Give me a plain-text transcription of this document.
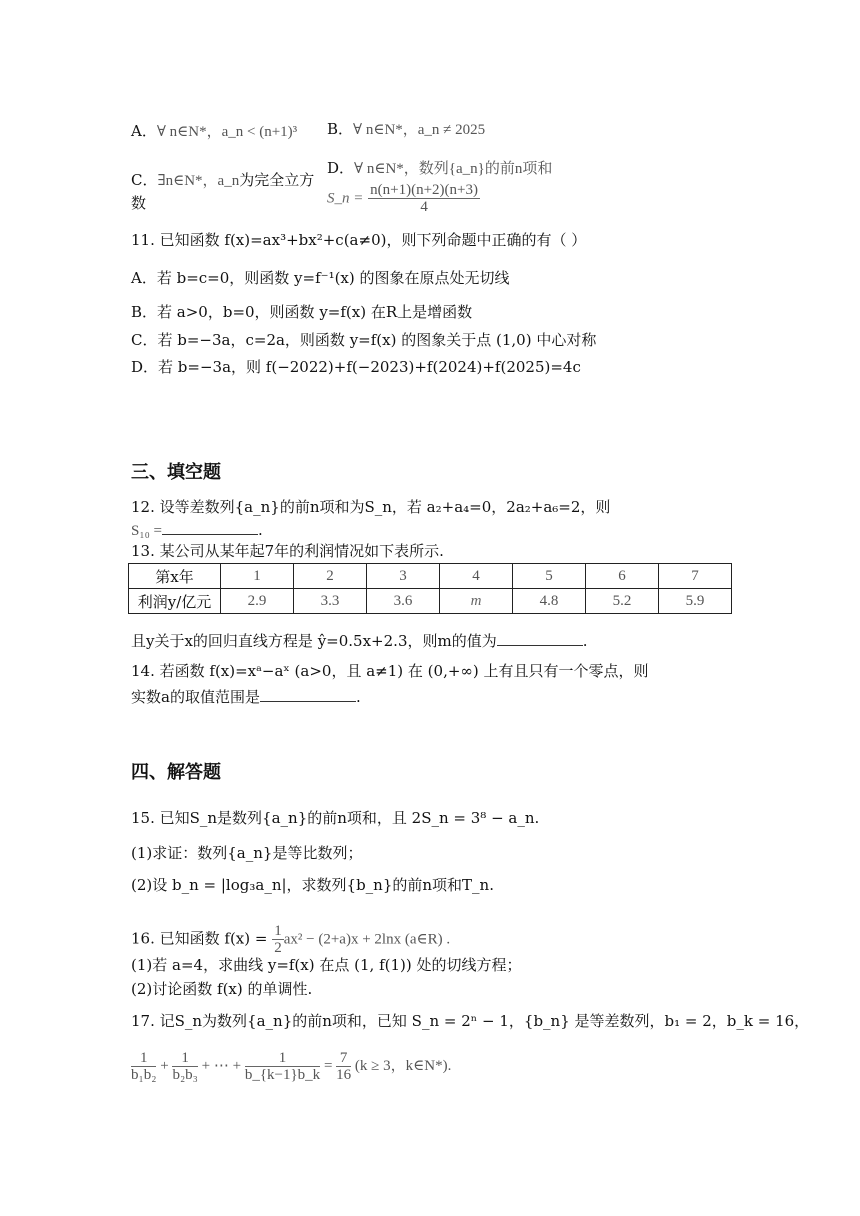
A．∀ n∈N*，a_n < (n+1)³ B．∀ n∈N*，a_n ≠ 2025
C．∃n∈N*，a_n为完全立方
数
D．∀ n∈N*，数列{a_n}的前n项和
S_n = $\frac{n(n+1)(n+2)(n+3)}{4}$
11. 已知函数 f(x)=ax³+bx²+c(a≠0)，则下列命题中正确的有（ ）
A．若 b=c=0，则函数 y=f⁻¹(x) 的图象在原点处无切线
B．若 a>0，b=0，则函数 y=f(x) 在R上是增函数
C．若 b=−3a，c=2a，则函数 y=f(x) 的图象关于点 (1,0) 中心对称
D．若 b=−3a，则 f(−2022)+f(−2023)+f(2024)+f(2025)=4c
三、填空题
12. 设等差数列{a_n}的前n项和为S_n，若 a₂+a₄=0，2a₂+a₆=2，则
S₁₀ =	.
13. 某公司从某年起7年的利润情况如下表所示.
第x年	1	2	3	4	5	6	7
利润y/亿元	2.9	3.3	3.6	m	4.8	5.2	5.9
且y关于x的回归直线方程是 ŷ=0.5x+2.3，则m的值为	.
14. 若函数 f(x)=xᵃ−aˣ (a>0，且 a≠1) 在 (0,+∞) 上有且只有一个零点，则
实数a的取值范围是	.
四、解答题
15. 已知S_n是数列{a_n}的前n项和，且 2S_n = 3⁸ − a_n.
(1)求证：数列{a_n}是等比数列；
(2)设 b_n = |log₃a_n|，求数列{b_n}的前n项和T_n.
16. 已知函数 $f(x) = \frac{1}{2} ax^2 - (2+a)x + 2\ln x$ (a∈R) .
(1)若 a=4，求曲线 y=f(x) 在点 (1, f(1)) 处的切线方程；
(2)讨论函数 f(x) 的单调性.
17. 记S_n为数列{a_n}的前n项和，已知 S_n = 2ⁿ − 1，{b_n} 是等差数列，b₁ = 2，b_k = 16，
$\frac{1}{\text{b₁b₂}} + \frac{1}{\text{b₂b₃}}$ + ⋯ + $\frac{1}{b\_\{k-1\}b\_k} = \frac{7}{16} (k \ge 3$，k∈N*).
